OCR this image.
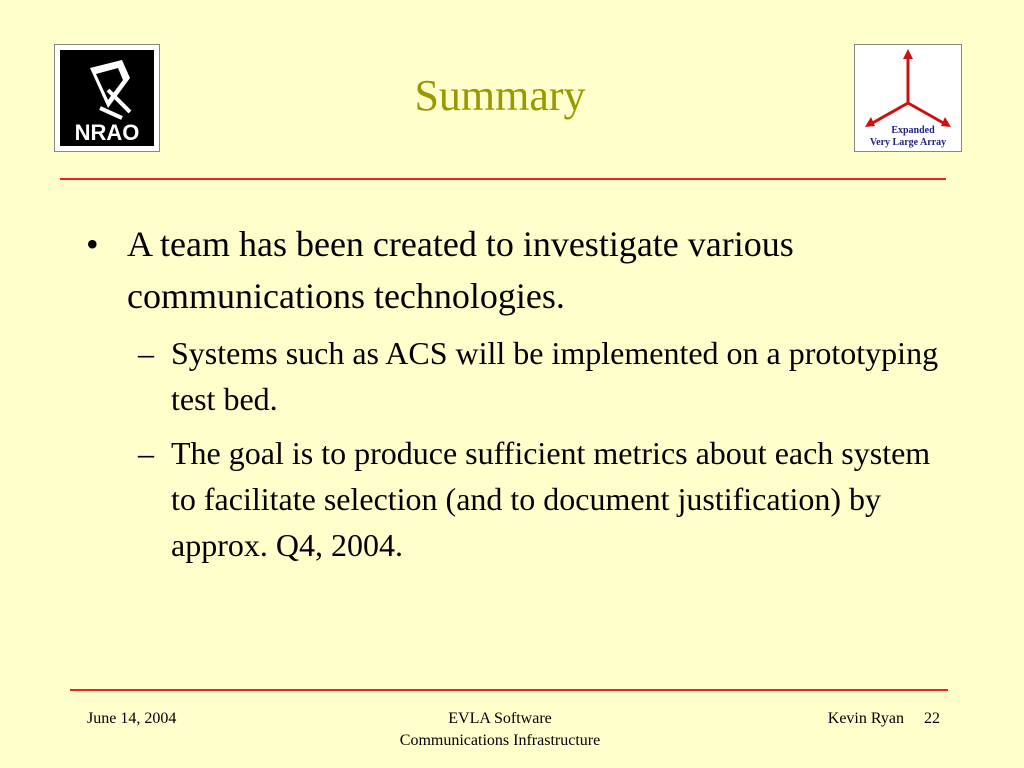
NRAO
Summary
Expanded
Very Large Array
• A team has been created to investigate various communications technologies.
– Systems such as ACS will be implemented on a prototyping test bed.
– The goal is to produce sufficient metrics about each system to facilitate selection (and to document justification) by approx. Q4, 2004.
June 14, 2004	EVLA Software
Communications Infrastructure
Kevin Ryan 22
